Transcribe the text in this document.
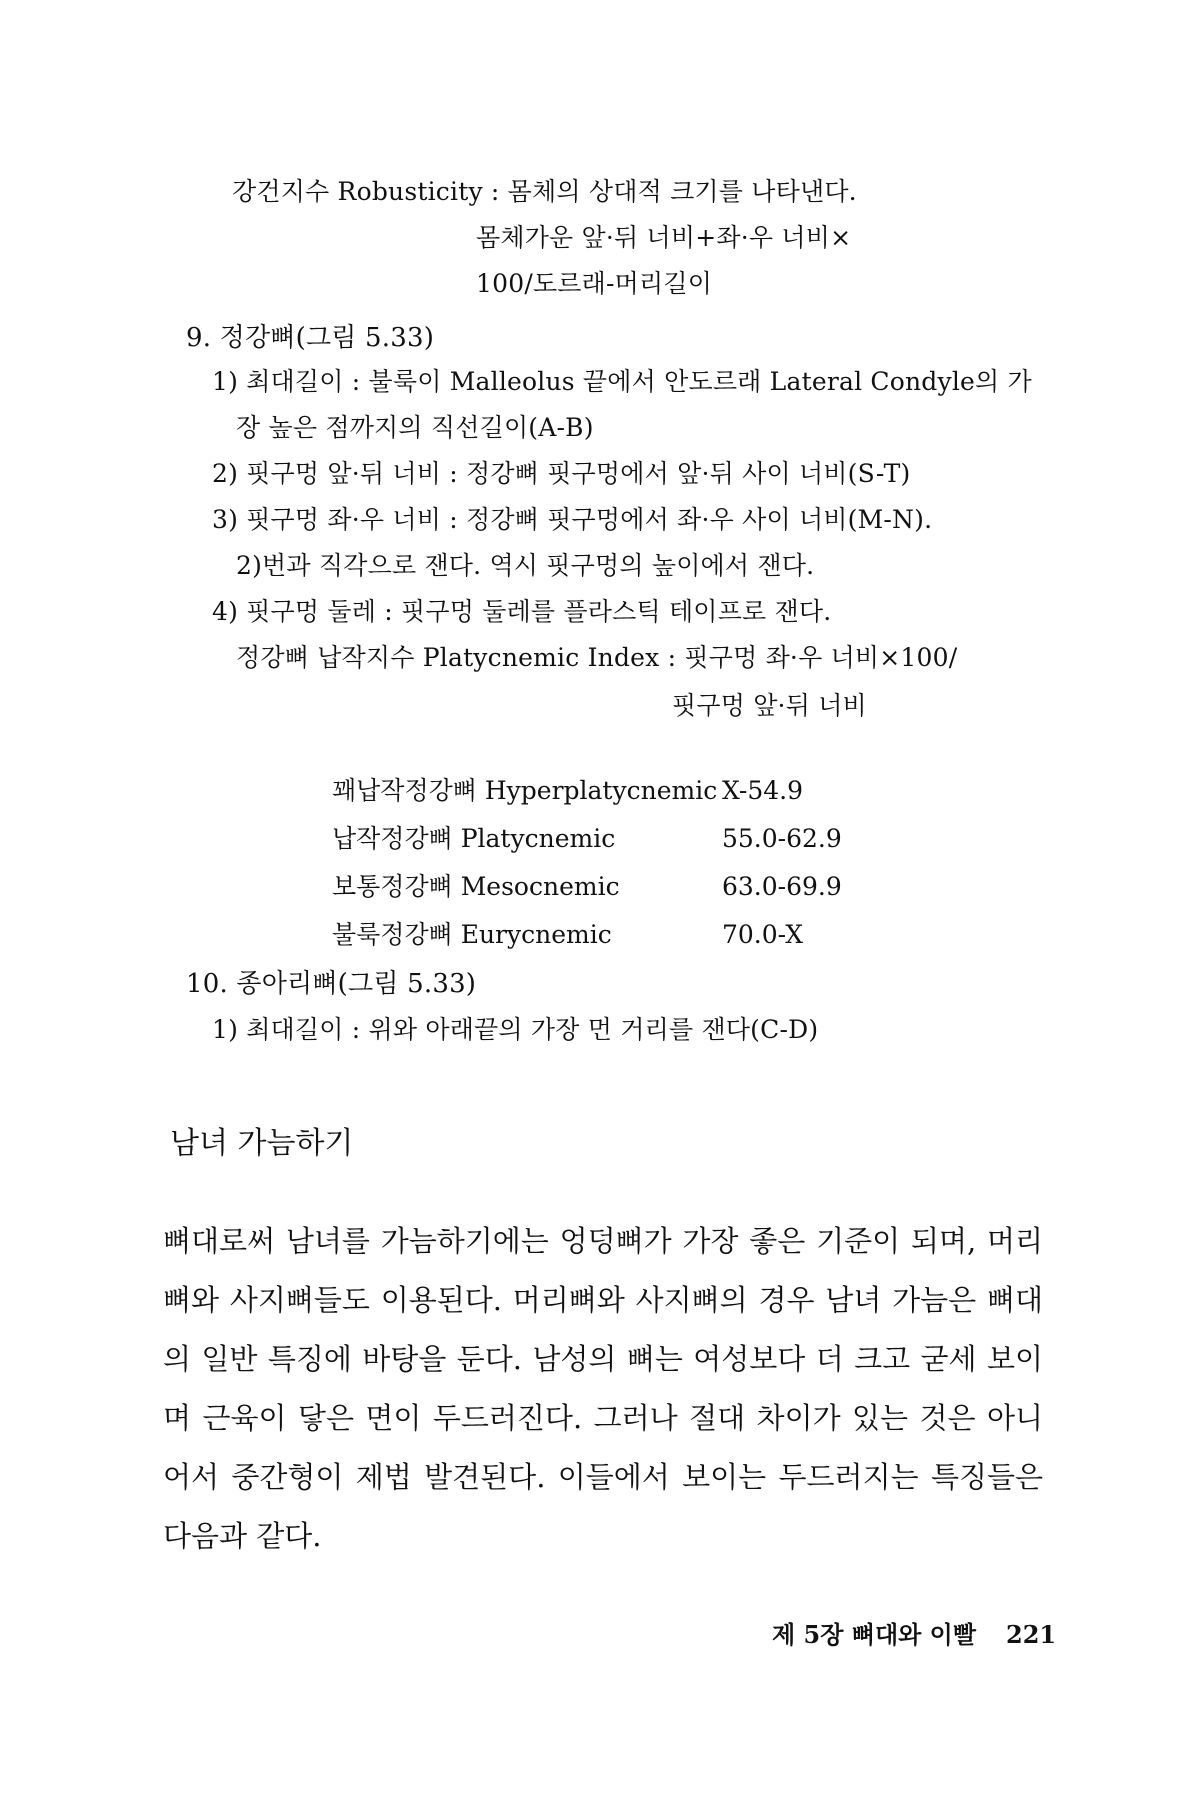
강건지수 Robusticity : 몸체의 상대적 크기를 나타낸다.
몸체가운 앞·뒤 너비+좌·우 너비×
100/도르래-머리길이
9. 정강뼈(그림 5.33)
1) 최대길이 : 불룩이 Malleolus 끝에서 안도르래 Lateral Condyle의 가
장 높은 점까지의 직선길이(A-B)
2) 핏구멍 앞·뒤 너비 : 정강뼈 핏구멍에서 앞·뒤 사이 너비(S-T)
3) 핏구멍 좌·우 너비 : 정강뼈 핏구멍에서 좌·우 사이 너비(M-N).
2)번과 직각으로 잰다. 역시 핏구멍의 높이에서 잰다.
4) 핏구멍 둘레 : 핏구멍 둘레를 플라스틱 테이프로 잰다.
정강뼈 납작지수 Platycnemic Index : 핏구멍 좌·우 너비×100/
핏구멍 앞·뒤 너비
꽤납작정강뼈 Hyperplatycnemic X-54.9
납작정강뼈 Platycnemic	55.0-62.9
보통정강뼈 Mesocnemic	63.0-69.9
불룩정강뼈 Eurycnemic	70.0-X
10. 종아리뼈(그림 5.33)
1) 최대길이 : 위와 아래끝의 가장 먼 거리를 잰다(C-D)
남녀 가늠하기
뼈대로써 남녀를 가늠하기에는 엉덩뼈가 가장 좋은 기준이 되며, 머리뼈와 사지뼈들도 이용된다. 머리뼈와 사지뼈의 경우 남녀 가늠은 뼈대의 일반 특징에 바탕을 둔다. 남성의 뼈는 여성보다 더 크고 굳세 보이며 근육이 닿은 면이 두드러진다. 그러나 절대 차이가 있는 것은 아니어서 중간형이 제법 발견된다. 이들에서 보이는 두드러지는 특징들은 다음과 같다.
제 5장 뼈대와 이빨 221
